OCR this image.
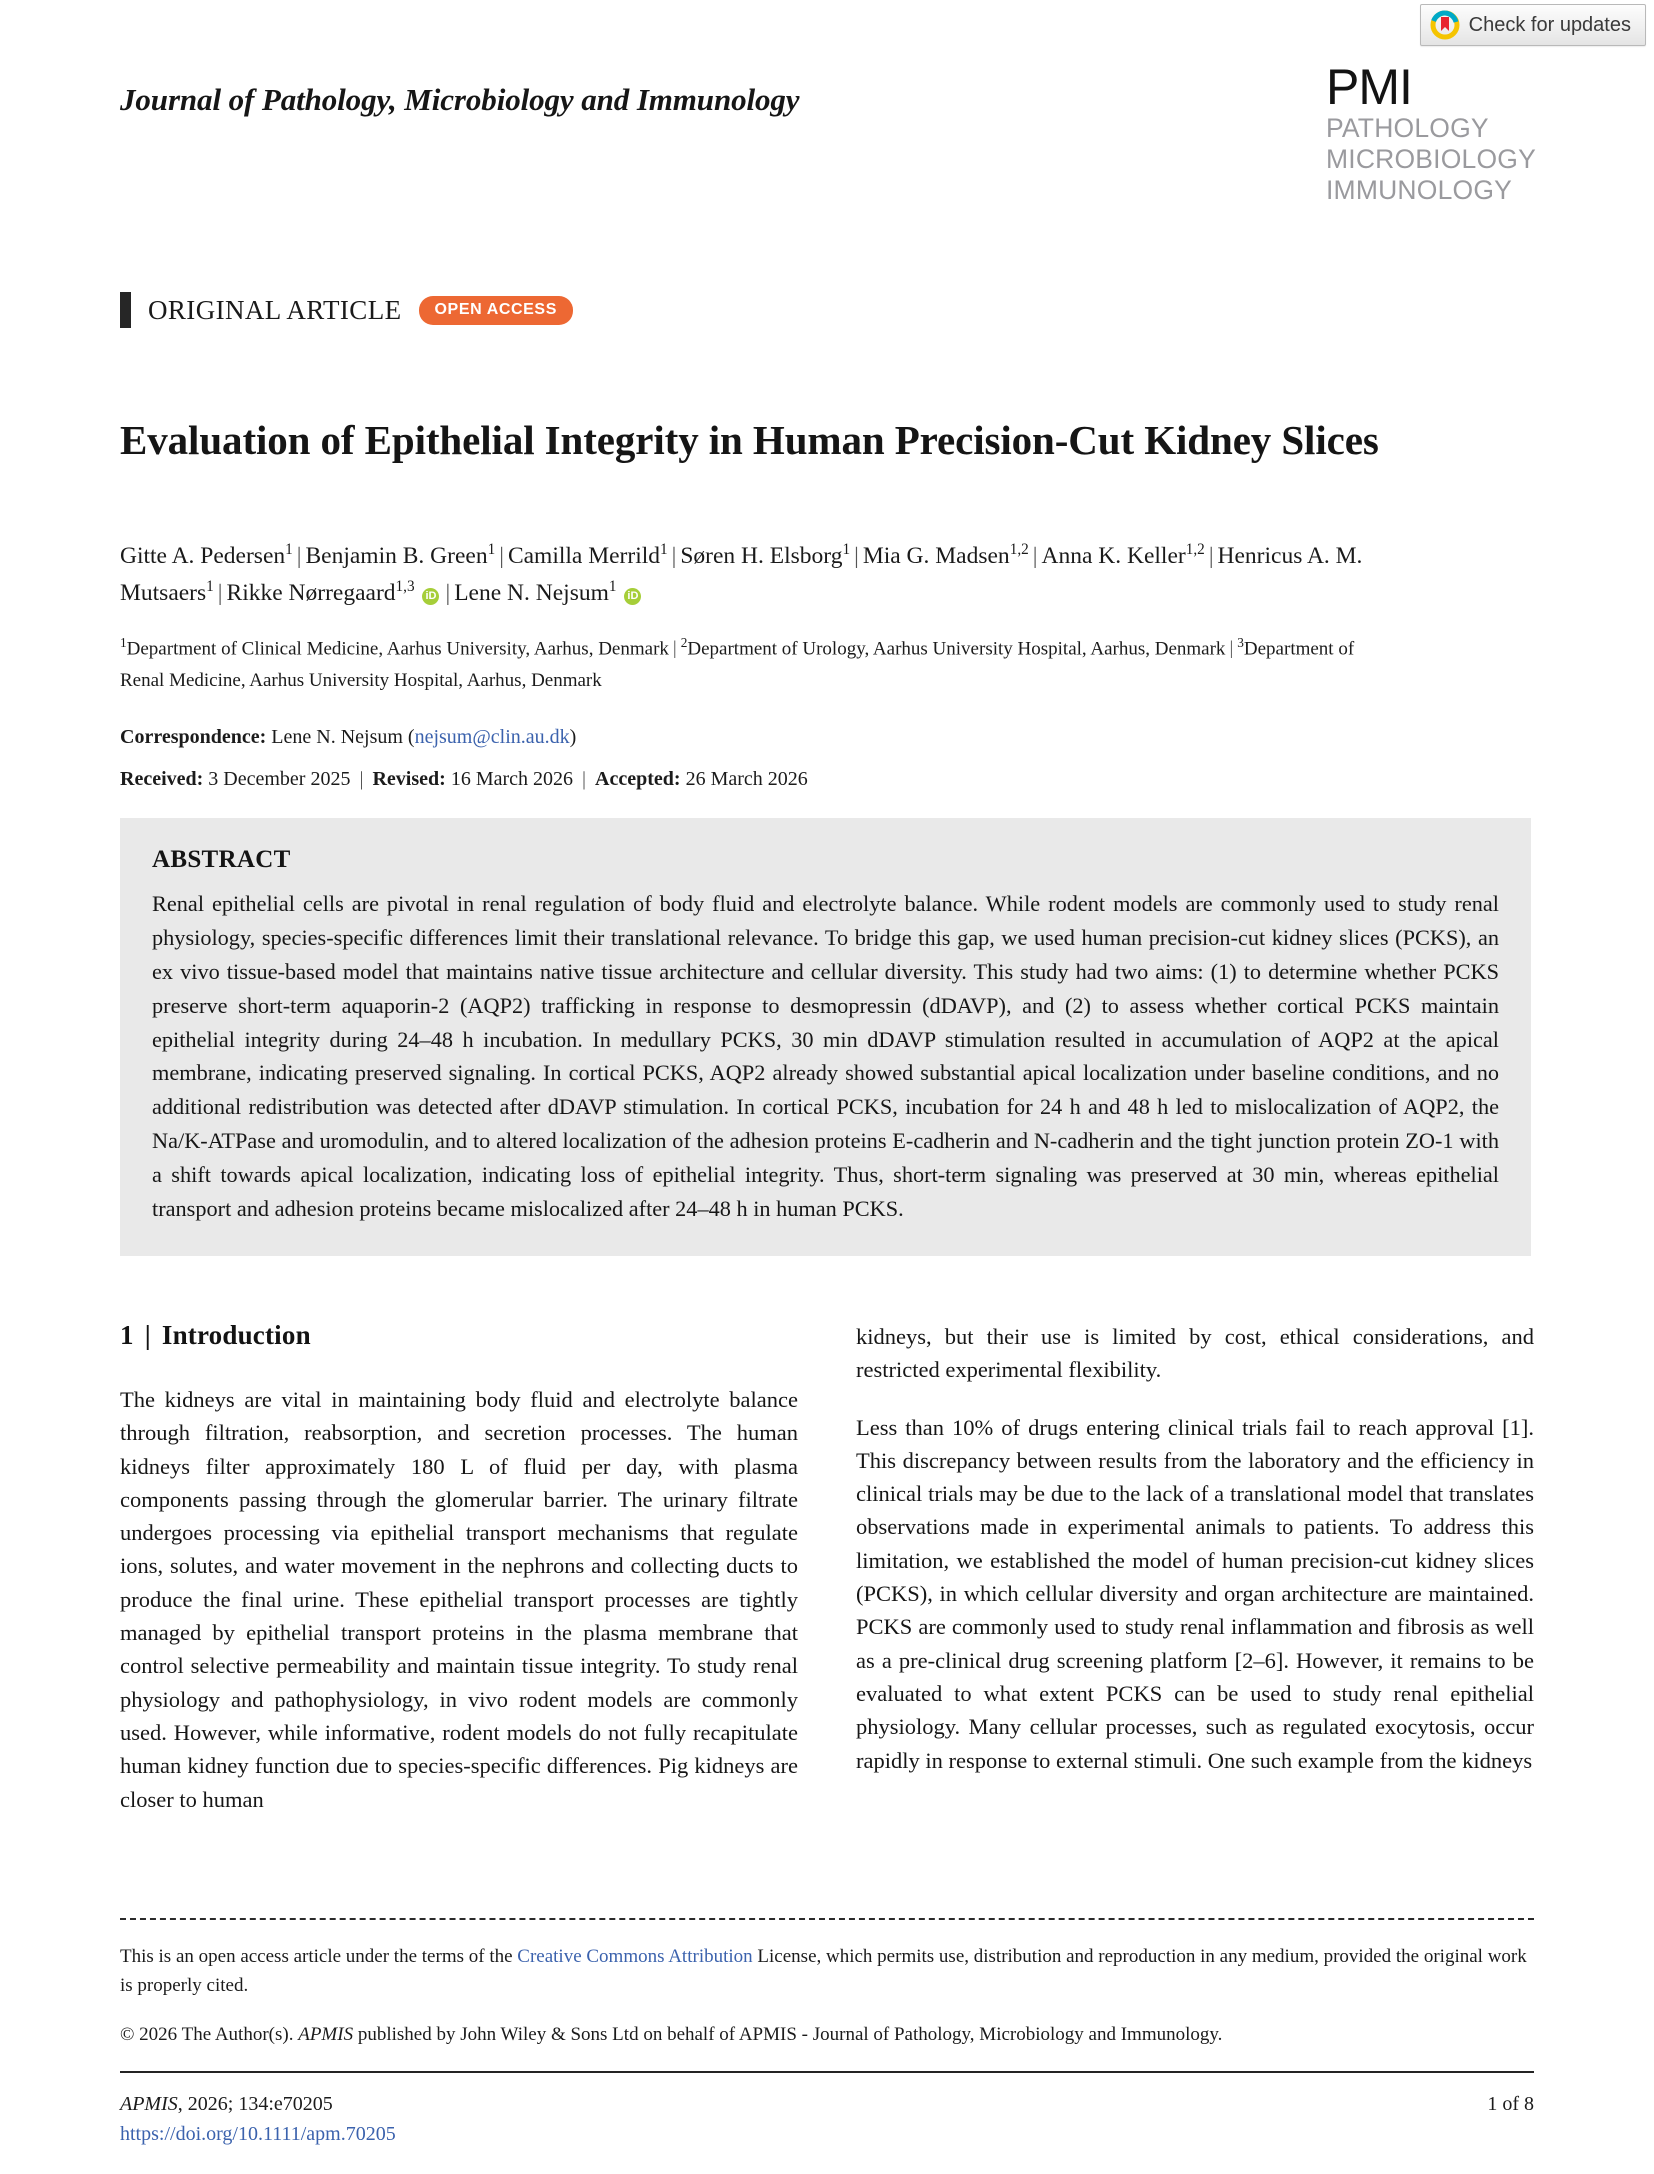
Check for updates
Journal of Pathology, Microbiology and Immunology	PMI
PATHOLOGY
MICROBIOLOGY
IMMUNOLOGY
ORIGINAL ARTICLE	OPEN ACCESS
Evaluation of Epithelial Integrity in Human Precision-Cut Kidney Slices
Gitte A. Pedersen$^1$ | Benjamin B. Green$^1$ | Camilla Merrild$^1$ | Søren H. Elsborg$^1$ | Mia G. Madsen$^{1,2}$ | Anna K. Keller$^{1,2}$ | Henricus A. M. Mutsaers$^1$ | Rikke Nørregaard$^{1,3}$ iD | Lene N. Nejsum$^1$ iD
$^1$Department of Clinical Medicine, Aarhus University, Aarhus, Denmark | $^2$Department of Urology, Aarhus University Hospital, Aarhus, Denmark | $^3$Department of Renal Medicine, Aarhus University Hospital, Aarhus, Denmark
Correspondence: Lene N. Nejsum (nejsum@clin.au.dk)
Received: 3 December 2025 | Revised: 16 March 2026 | Accepted: 26 March 2026
ABSTRACT
Renal epithelial cells are pivotal in renal regulation of body fluid and electrolyte balance. While rodent models are commonly used to study renal physiology, species-specific differences limit their translational relevance. To bridge this gap, we used human precision-cut kidney slices (PCKS), an ex vivo tissue-based model that maintains native tissue architecture and cellular diversity. This study had two aims: (1) to determine whether PCKS preserve short-term aquaporin-2 (AQP2) trafficking in response to desmopressin (dDAVP), and (2) to assess whether cortical PCKS maintain epithelial integrity during 24–48 h incubation. In medullary PCKS, 30 min dDAVP stimulation resulted in accumulation of AQP2 at the apical membrane, indicating preserved signaling. In cortical PCKS, AQP2 already showed substantial apical localization under baseline conditions, and no additional redistribution was detected after dDAVP stimulation. In cortical PCKS, incubation for 24 h and 48 h led to mislocalization of AQP2, the Na/K-ATPase and uromodulin, and to altered localization of the adhesion proteins E-cadherin and N-cadherin and the tight junction protein ZO-1 with a shift towards apical localization, indicating loss of epithelial integrity. Thus, short-term signaling was preserved at 30 min, whereas epithelial transport and adhesion proteins became mislocalized after 24–48 h in human PCKS.
1 | Introduction

The kidneys are vital in maintaining body fluid and electrolyte balance through filtration, reabsorption, and secretion processes. The human kidneys filter approximately 180 L of fluid per day, with plasma components passing through the glomerular barrier. The urinary filtrate undergoes processing via epithelial transport mechanisms that regulate ions, solutes, and water movement in the nephrons and collecting ducts to produce the final urine. These epithelial transport processes are tightly managed by epithelial transport proteins in the plasma membrane that control selective permeability and maintain tissue integrity. To study renal physiology and pathophysiology, in vivo rodent models are commonly used. However, while informative, rodent models do not fully recapitulate human kidney function due to species-specific differences. Pig kidneys are closer to human

kidneys, but their use is limited by cost, ethical considerations, and restricted experimental flexibility.

Less than 10% of drugs entering clinical trials fail to reach approval [1]. This discrepancy between results from the laboratory and the efficiency in clinical trials may be due to the lack of a translational model that translates observations made in experimental animals to patients. To address this limitation, we established the model of human precision-cut kidney slices (PCKS), in which cellular diversity and organ architecture are maintained. PCKS are commonly used to study renal inflammation and fibrosis as well as a pre-clinical drug screening platform [2–6]. However, it remains to be evaluated to what extent PCKS can be used to study renal epithelial physiology. Many cellular processes, such as regulated exocytosis, occur rapidly in response to external stimuli. One such example from the kidneys

This is an open access article under the terms of the Creative Commons Attribution License, which permits use, distribution and reproduction in any medium, provided the original work is properly cited.
© 2026 The Author(s). APMIS published by John Wiley & Sons Ltd on behalf of APMIS - Journal of Pathology, Microbiology and Immunology.
APMIS, 2026; 134:e70205
https://doi.org/10.1111/apm.70205
1 of 8
